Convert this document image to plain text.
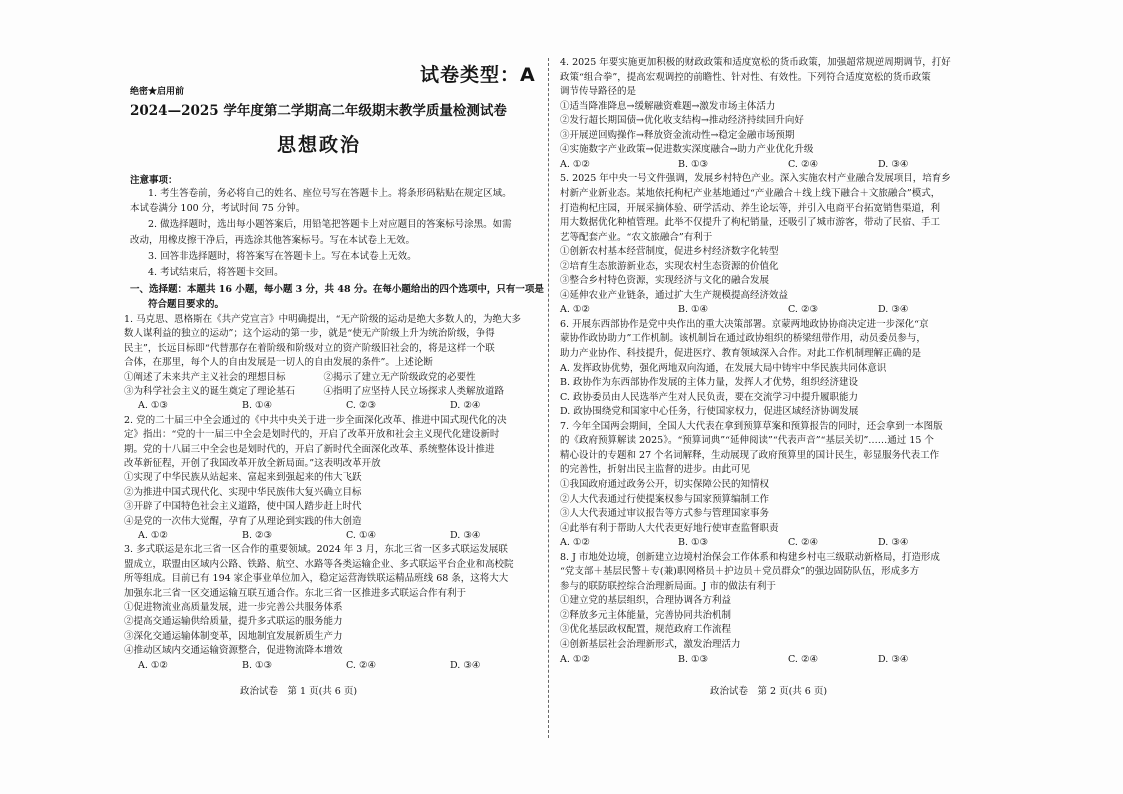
试卷类型：A
绝密★启用前
2024—2025 学年度第二学期高二年级期末教学质量检测试卷
思想政治
注意事项：
1. 考生答卷前，务必将自己的姓名、座位号写在答题卡上。将条形码粘贴在规定区域。
本试卷满分 100 分，考试时间 75 分钟。
2. 做选择题时，选出每小题答案后，用铅笔把答题卡上对应题目的答案标号涂黑。如需
改动，用橡皮擦干净后，再选涂其他答案标号。写在本试卷上无效。
3. 回答非选择题时，将答案写在答题卡上。写在本试卷上无效。
4. 考试结束后，将答题卡交回。
一、选择题：本题共 16 小题，每小题 3 分，共 48 分。在每小题给出的四个选项中，只有一项是
符合题目要求的。
1. 马克思、恩格斯在《共产党宣言》中明确提出，“无产阶级的运动是绝大多数人的，为绝大多
数人谋利益的独立的运动”；这个运动的第一步，就是“使无产阶级上升为统治阶级，争得
民主”，长远目标即“代替那存在着阶级和阶级对立的资产阶级旧社会的，将是这样一个联
合体，在那里，每个人的自由发展是一切人的自由发展的条件”。上述论断
①阐述了未来共产主义社会的理想目标　　　　②揭示了建立无产阶级政党的必要性
③为科学社会主义的诞生奠定了理论基石　　　④指明了应坚持人民立场探求人类解放道路
A. ①③	B. ①④	C. ②③	D. ②④
2. 党的二十届三中全会通过的《中共中央关于进一步全面深化改革、推进中国式现代化的决
定》指出：“党的十一届三中全会是划时代的，开启了改革开放和社会主义现代化建设新时
期。党的十八届三中全会也是划时代的，开启了新时代全面深化改革、系统整体设计推进
改革新征程，开创了我国改革开放全新局面。”这表明改革开放
①实现了中华民族从站起来、富起来到强起来的伟大飞跃
②为推进中国式现代化、实现中华民族伟大复兴确立目标
③开辟了中国特色社会主义道路，使中国人踏步赶上时代
④是党的一次伟大觉醒，孕育了从理论到实践的伟大创造
A. ①②	B. ②③	C. ①④	D. ③④
3. 多式联运是东北三省一区合作的重要领域。2024 年 3 月，东北三省一区多式联运发展联
盟成立，联盟由区域内公路、铁路、航空、水路等各类运输企业、多式联运平台企业和高校院
所等组成。目前已有 194 家企事业单位加入，稳定运营海铁联运精品班线 68 条，这将大大
加强东北三省一区交通运输互联互通合作。东北三省一区推进多式联运合作有利于
①促进物流业高质量发展，进一步完善公共服务体系
②提高交通运输供给质量，提升多式联运的服务能力
③深化交通运输体制变革，因地制宜发展新质生产力
④推动区域内交通运输资源整合，促进物流降本增效
A. ①②	B. ①③	C. ②④	D. ③④
政治试卷　第 1 页(共 6 页)
4. 2025 年要实施更加积极的财政政策和适度宽松的货币政策，加强超常规逆周期调节，打好
政策“组合拳”，提高宏观调控的前瞻性、针对性、有效性。下列符合适度宽松的货币政策
调节传导路径的是
①适当降准降息→缓解融资难题→激发市场主体活力
②发行超长期国债→优化收支结构→推动经济持续回升向好
③开展逆回购操作→释放资金流动性→稳定金融市场预期
④实施数字产业政策→促进数实深度融合→助力产业优化升级
A. ①②	B. ①③	C. ②④	D. ③④
5. 2025 年中央一号文件强调，发展乡村特色产业。深入实施农村产业融合发展项目，培育乡
村新产业新业态。某地依托枸杞产业基地通过“产业融合＋线上线下融合＋文旅融合”模式，
打造枸杞庄园，开展采摘体验、研学活动、养生论坛等，并引入电商平台拓宽销售渠道，利
用大数据优化种植管理。此举不仅提升了枸杞销量，还吸引了城市游客，带动了民宿、手工
艺等配套产业。“农文旅融合”有利于
①创新农村基本经营制度，促进乡村经济数字化转型
②培育生态旅游新业态，实现农村生态资源的价值化
③整合乡村特色资源，实现经济与文化的融合发展
④延伸农业产业链条，通过扩大生产规模提高经济效益
A. ①②	B. ①④	C. ②③	D. ③④
6. 开展东西部协作是党中央作出的重大决策部署。京蒙两地政协协商决定进一步深化“京
蒙协作政协助力”工作机制。该机制旨在通过政协组织的桥梁纽带作用，动员委员参与，
助力产业协作、科技提升，促进医疗、教育领域深入合作。对此工作机制理解正确的是
A. 发挥政协优势，强化两地双向沟通，在发展大局中铸牢中华民族共同体意识
B. 政协作为东西部协作发展的主体力量，发挥人才优势，组织经济建设
C. 政协委员由人民选举产生对人民负责，要在交流学习中提升履职能力
D. 政协围绕党和国家中心任务，行使国家权力，促进区域经济协调发展
7. 今年全国两会期间，全国人大代表在拿到预算草案和预算报告的同时，还会拿到一本图版
的《政府预算解读 2025》。“预算词典”“延伸阅读”“代表声音”“基层关切”……通过 15 个
精心设计的专题和 27 个名词解释，生动展现了政府预算里的国计民生，彰显服务代表工作
的完善性，折射出民主监督的进步。由此可见
①我国政府通过政务公开，切实保障公民的知情权
②人大代表通过行使提案权参与国家预算编制工作
③人大代表通过审议报告等方式参与管理国家事务
④此举有利于帮助人大代表更好地行使审查监督职责
A. ①②	B. ①③	C. ②④	D. ③④
8. J 市地处边境，创新建立边境村治保会工作体系和构建乡村屯三级联动新格局，打造形成
“党支部＋基层民警＋专(兼)职网格员＋护边员＋党员群众”的强边固防队伍，形成多方
参与的联防联控综合治理新局面。J 市的做法有利于
①建立党的基层组织，合理协调各方利益
②释放多元主体能量，完善协同共治机制
③优化基层政权配置，规范政府工作流程
④创新基层社会治理新形式，激发治理活力
A. ①②	B. ①③	C. ②④	D. ③④
政治试卷　第 2 页(共 6 页)
